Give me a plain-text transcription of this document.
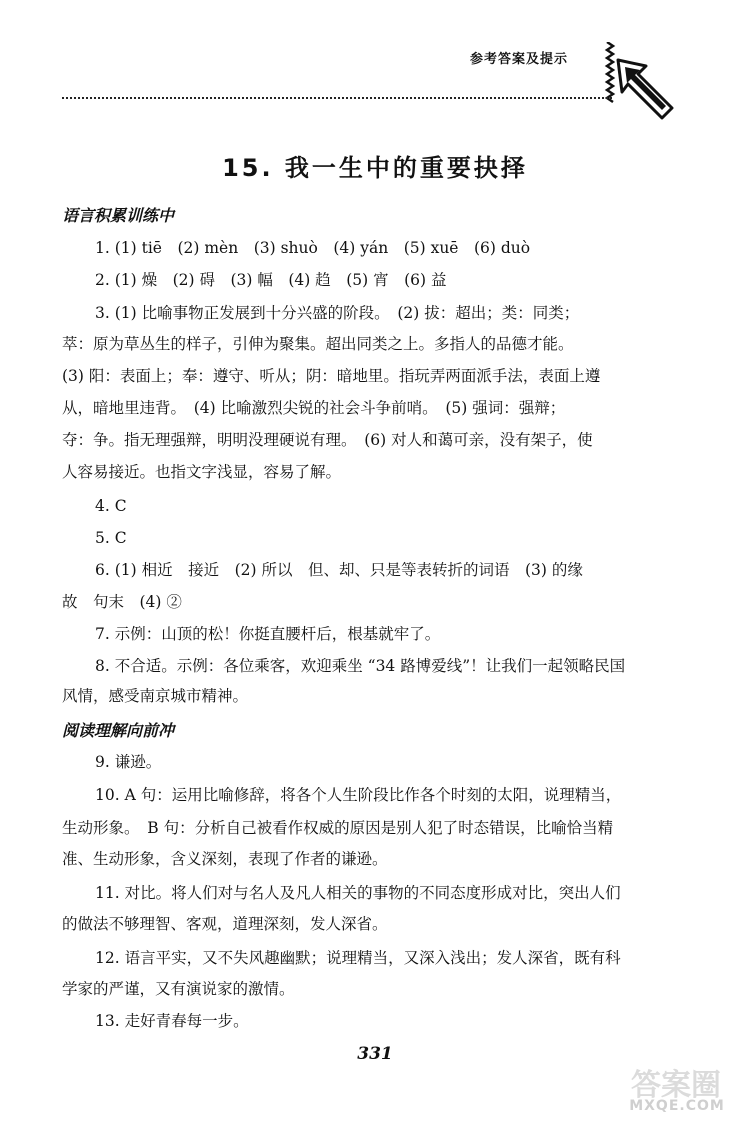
参考答案及提示
15. 我一生中的重要抉择
语言积累训练中
1. (1) tiē　(2) mèn　(3) shuò　(4) yán　(5) xuē　(6) duò
2. (1) 燥　(2) 碍　(3) 幅　(4) 趋　(5) 宵　(6) 益
3. (1) 比喻事物正发展到十分兴盛的阶段。　(2) 拔：超出；类：同类；
萃：原为草丛生的样子，引伸为聚集。超出同类之上。多指人的品德才能。
(3) 阳：表面上；奉：遵守、听从；阴：暗地里。指玩弄两面派手法，表面上遵
从，暗地里违背。　(4) 比喻激烈尖锐的社会斗争前哨。　(5) 强词：强辩；
夺：争。指无理强辩，明明没理硬说有理。　(6) 对人和蔼可亲，没有架子，使
人容易接近。也指文字浅显，容易了解。
4. C
5. C
6. (1) 相近　接近　(2) 所以　但、却、只是等表转折的词语　(3) 的缘
故　句末　(4) ②
7. 示例：山顶的松！你挺直腰杆后，根基就牢了。
8. 不合适。示例：各位乘客，欢迎乘坐 “34 路博爱线”！让我们一起领略民国
风情，感受南京城市精神。
阅读理解向前冲
9. 谦逊。
10. A 句：运用比喻修辞，将各个人生阶段比作各个时刻的太阳，说理精当，
生动形象。　B 句：分析自己被看作权威的原因是别人犯了时态错误，比喻恰当精
准、生动形象，含义深刻，表现了作者的谦逊。
11. 对比。将人们对与名人及凡人相关的事物的不同态度形成对比，突出人们
的做法不够理智、客观，道理深刻，发人深省。
12. 语言平实，又不失风趣幽默；说理精当，又深入浅出；发人深省，既有科
学家的严谨，又有演说家的激情。
13. 走好青春每一步。
331
答案圈
MXQE.COM
